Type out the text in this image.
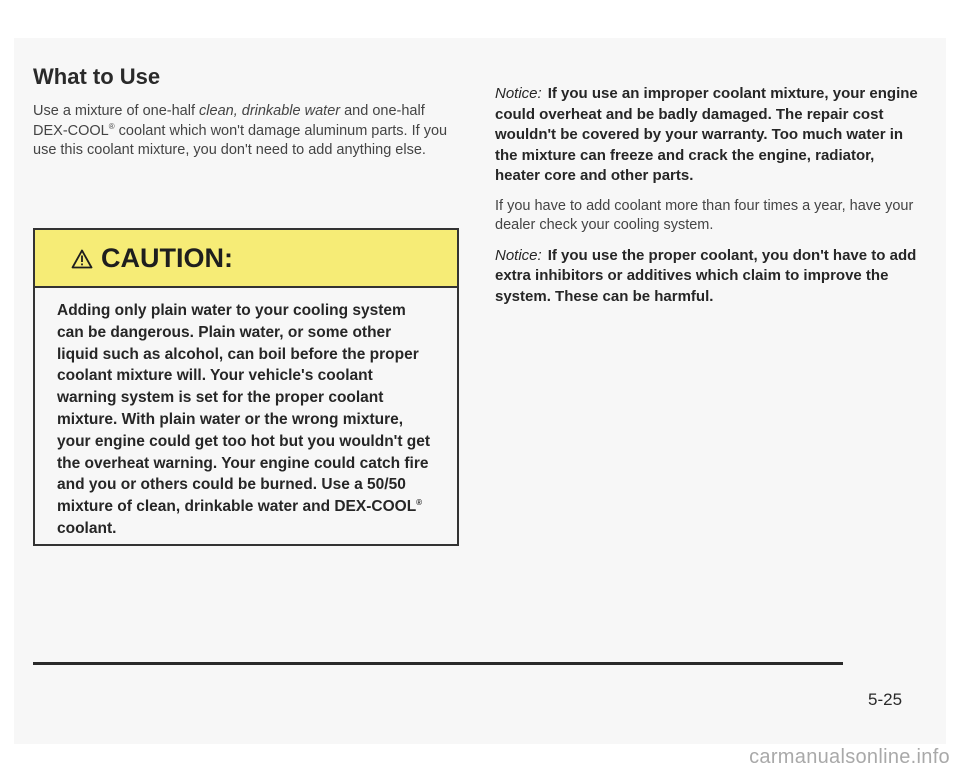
What to Use

Use a mixture of one-half clean, drinkable water and one-half DEX-COOL® coolant which won't damage aluminum parts. If you use this coolant mixture, you don't need to add anything else.

CAUTION:
Adding only plain water to your cooling system can be dangerous. Plain water, or some other liquid such as alcohol, can boil before the proper coolant mixture will. Your vehicle's coolant warning system is set for the proper coolant mixture. With plain water or the wrong mixture, your engine could get too hot but you wouldn't get the overheat warning. Your engine could catch fire and you or others could be burned. Use a 50/50 mixture of clean, drinkable water and DEX-COOL® coolant.

Notice: If you use an improper coolant mixture, your engine could overheat and be badly damaged. The repair cost wouldn't be covered by your warranty. Too much water in the mixture can freeze and crack the engine, radiator, heater core and other parts.

If you have to add coolant more than four times a year, have your dealer check your cooling system.

Notice: If you use the proper coolant, you don't have to add extra inhibitors or additives which claim to improve the system. These can be harmful.

5-25
carmanualsonline.info
